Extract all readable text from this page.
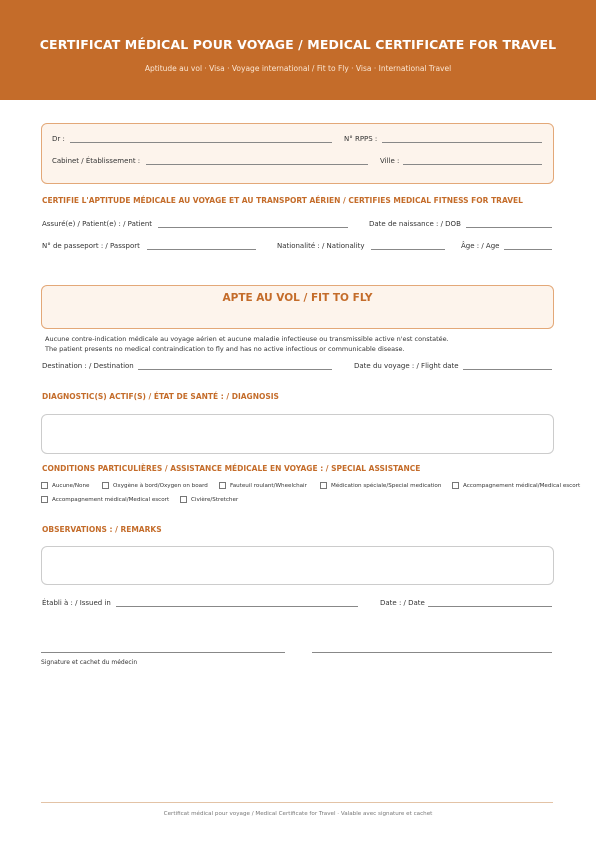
CERTIFICAT MÉDICAL POUR VOYAGE / MEDICAL CERTIFICATE FOR TRAVEL
Aptitude au vol · Visa · Voyage international / Fit to Fly · Visa · International Travel
Dr :	N° RPPS :
Cabinet / Établissement :	Ville :
CERTIFIE L'APTITUDE MÉDICALE AU VOYAGE ET AU TRANSPORT AÉRIEN / CERTIFIES MEDICAL FITNESS FOR TRAVEL
Assuré(e) / Patient(e) : / Patient	Date de naissance : / DOB
N° de passeport : / Passport	Nationalité : / Nationality	Âge : / Age
APTE AU VOL / FIT TO FLY
Aucune contre-indication médicale au voyage aérien et aucune maladie infectieuse ou transmissible active n'est constatée.
The patient presents no medical contraindication to fly and has no active infectious or communicable disease.
Destination : / Destination	Date du voyage : / Flight date
DIAGNOSTIC(S) ACTIF(S) / ÉTAT DE SANTÉ : / DIAGNOSIS
CONDITIONS PARTICULIÈRES / ASSISTANCE MÉDICALE EN VOYAGE : / SPECIAL ASSISTANCE
Aucune/None	Oxygène à bord/Oxygen on board	Fauteuil roulant/Wheelchair	Médication spéciale/Special medication	Accompagnement médical/Medical escort
Accompagnement médical/Medical escort	Civière/Stretcher
OBSERVATIONS : / REMARKS
Établi à : / Issued in	Date : / Date
Signature et cachet du médecin
Certificat médical pour voyage / Medical Certificate for Travel · Valable avec signature et cachet
